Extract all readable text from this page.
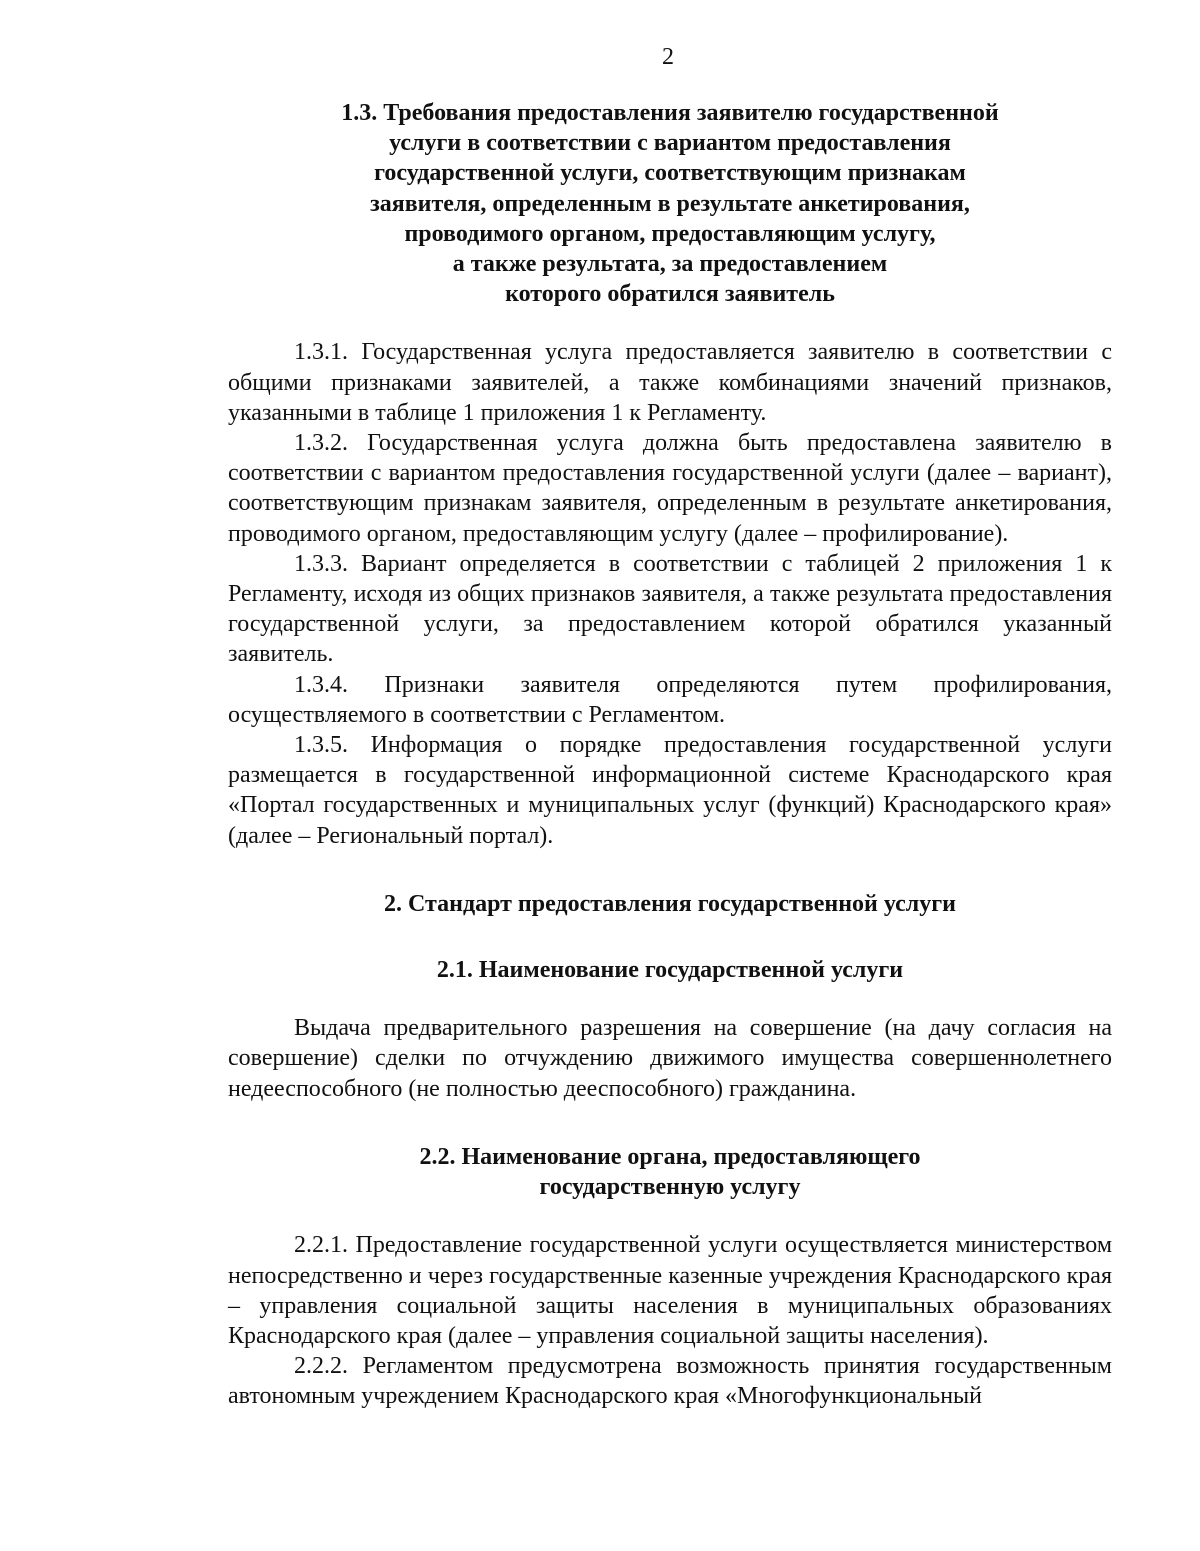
2
1.3. Требования предоставления заявителю государственной
услуги в соответствии с вариантом предоставления
государственной услуги, соответствующим признакам
заявителя, определенным в результате анкетирования,
проводимого органом, предоставляющим услугу,
а также результата, за предоставлением
которого обратился заявитель

1.3.1. Государственная услуга предоставляется заявителю в соответствии с общими признаками заявителей, а также комбинациями значений признаков, указанными в таблице 1 приложения 1 к Регламенту.

1.3.2. Государственная услуга должна быть предоставлена заявителю в соответствии с вариантом предоставления государственной услуги (далее – вариант), соответствующим признакам заявителя, определенным в результате анкетирования, проводимого органом, предоставляющим услугу (далее – профилирование).

1.3.3. Вариант определяется в соответствии с таблицей 2 приложения 1 к Регламенту, исходя из общих признаков заявителя, а также результата предоставления государственной услуги, за предоставлением которой обратился указанный заявитель.

1.3.4. Признаки заявителя определяются путем профилирования, осуществляемого в соответствии с Регламентом.

1.3.5. Информация о порядке предоставления государственной услуги размещается в государственной информационной системе Краснодарского края «Портал государственных и муниципальных услуг (функций) Краснодарского края» (далее – Региональный портал).

2. Стандарт предоставления государственной услуги
2.1. Наименование государственной услуги

Выдача предварительного разрешения на совершение (на дачу согласия на совершение) сделки по отчуждению движимого имущества совершеннолетнего недееспособного (не полностью дееспособного) гражданина.

2.2. Наименование органа, предоставляющего
государственную услугу

2.2.1. Предоставление государственной услуги осуществляется министерством непосредственно и через государственные казенные учреждения Краснодарского края – управления социальной защиты населения в муниципальных образованиях Краснодарского края (далее – управления социальной защиты населения).

2.2.2. Регламентом предусмотрена возможность принятия государственным автономным учреждением Краснодарского края «Многофункциональный
